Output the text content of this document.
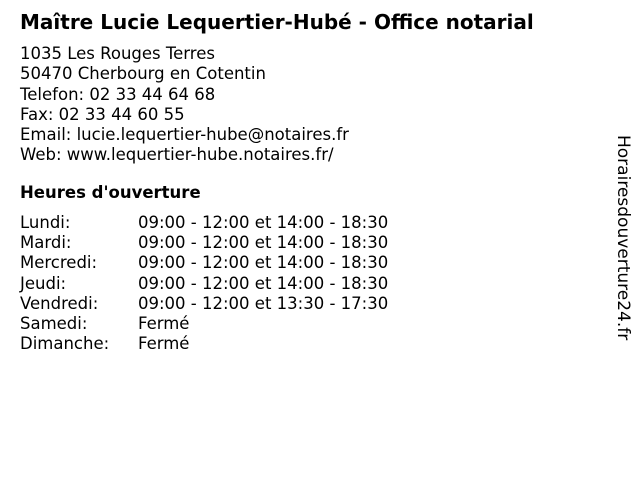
Maître Lucie Lequertier-Hubé - Office notarial
1035 Les Rouges Terres
50470 Cherbourg en Cotentin
Telefon: 02 33 44 64 68
Fax: 02 33 44 60 55
Email: lucie.lequertier-hube@notaires.fr
Web: www.lequertier-hube.notaires.fr/
Heures d'ouverture
Lundi:	09:00 - 12:00 et 14:00 - 18:30
Mardi:	09:00 - 12:00 et 14:00 - 18:30
Mercredi:	09:00 - 12:00 et 14:00 - 18:30
Jeudi:	09:00 - 12:00 et 14:00 - 18:30
Vendredi:	09:00 - 12:00 et 13:30 - 17:30
Samedi:	Fermé
Dimanche:	Fermé
Horairesdouverture24.fr
